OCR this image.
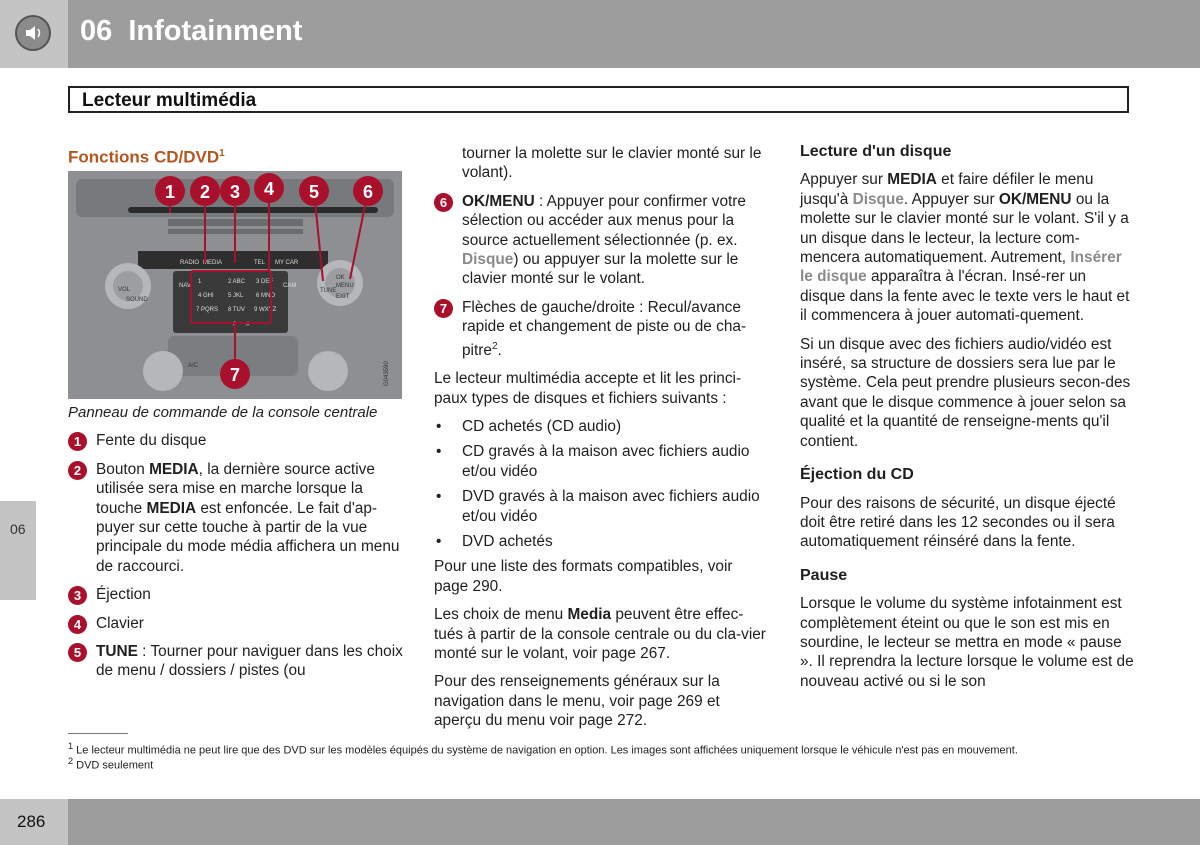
06  Infotainment
Lecteur multimédia
06
Fonctions CD/DVD$^1$
RADIO MEDIA	TEL MY CAR
NAV	CAM
VOL
SOUND
OK
MENU
EXIT
TUNE
A/C
1	2 ABC 3 DEF
4 GHI 5 JKL 6 MNO
7 PQRS 8 TUV 9 WXYZ
0 #
G043590
1 2 3 4 5 6
7

Panneau de commande de la console centrale

1 Fente du disque
2 Bouton MEDIA, la dernière source active utilisée sera mise en marche lorsque la touche MEDIA est enfoncée. Le fait d'ap-puyer sur cette touche à partir de la vue principale du mode média affichera un menu de raccourci.
3 Éjection
4 Clavier
5 TUNE : Tourner pour naviguer dans les choix de menu / dossiers / pistes (ou

tourner la molette sur le clavier monté sur le volant).

6 OK/MENU : Appuyer pour confirmer votre sélection ou accéder aux menus pour la source actuellement sélectionnée (p. ex. Disque) ou appuyer sur la molette sur le clavier monté sur le volant.
7 Flèches de gauche/droite : Recul/avance rapide et changement de piste ou de cha-pitre$^2$.

Le lecteur multimédia accepte et lit les princi-paux types de disques et fichiers suivants :

• CD achetés (CD audio)
• CD gravés à la maison avec fichiers audio et/ou vidéo
• DVD gravés à la maison avec fichiers audio et/ou vidéo
• DVD achetés

Pour une liste des formats compatibles, voir page 290.

Les choix de menu Media peuvent être effec-tués à partir de la console centrale ou du cla-vier monté sur le volant, voir page 267.

Pour des renseignements généraux sur la navigation dans le menu, voir page 269 et aperçu du menu voir page 272.

Lecture d'un disque

Appuyer sur MEDIA et faire défiler le menu jusqu'à Disque. Appuyer sur OK/MENU ou la molette sur le clavier monté sur le volant. S'il y a un disque dans le lecteur, la lecture com-mencera automatiquement. Autrement, Insérer le disque apparaîtra à l'écran. Insé-rer un disque dans la fente avec le texte vers le haut et il commencera à jouer automati-quement.

Si un disque avec des fichiers audio/vidéo est inséré, sa structure de dossiers sera lue par le système. Cela peut prendre plusieurs secon-des avant que le disque commence à jouer selon sa qualité et la quantité de renseigne-ments qu'il contient.

Éjection du CD

Pour des raisons de sécurité, un disque éjecté doit être retiré dans les 12 secondes ou il sera automatiquement réinséré dans la fente.

Pause

Lorsque le volume du système infotainment est complètement éteint ou que le son est mis en sourdine, le lecteur se mettra en mode « pause ». Il reprendra la lecture lorsque le volume est de nouveau activé ou si le son

$^1$ Le lecteur multimédia ne peut lire que des DVD sur les modèles équipés du système de navigation en option. Les images sont affichées uniquement lorsque le véhicule n'est pas en mouvement.
$^2$ DVD seulement
286
